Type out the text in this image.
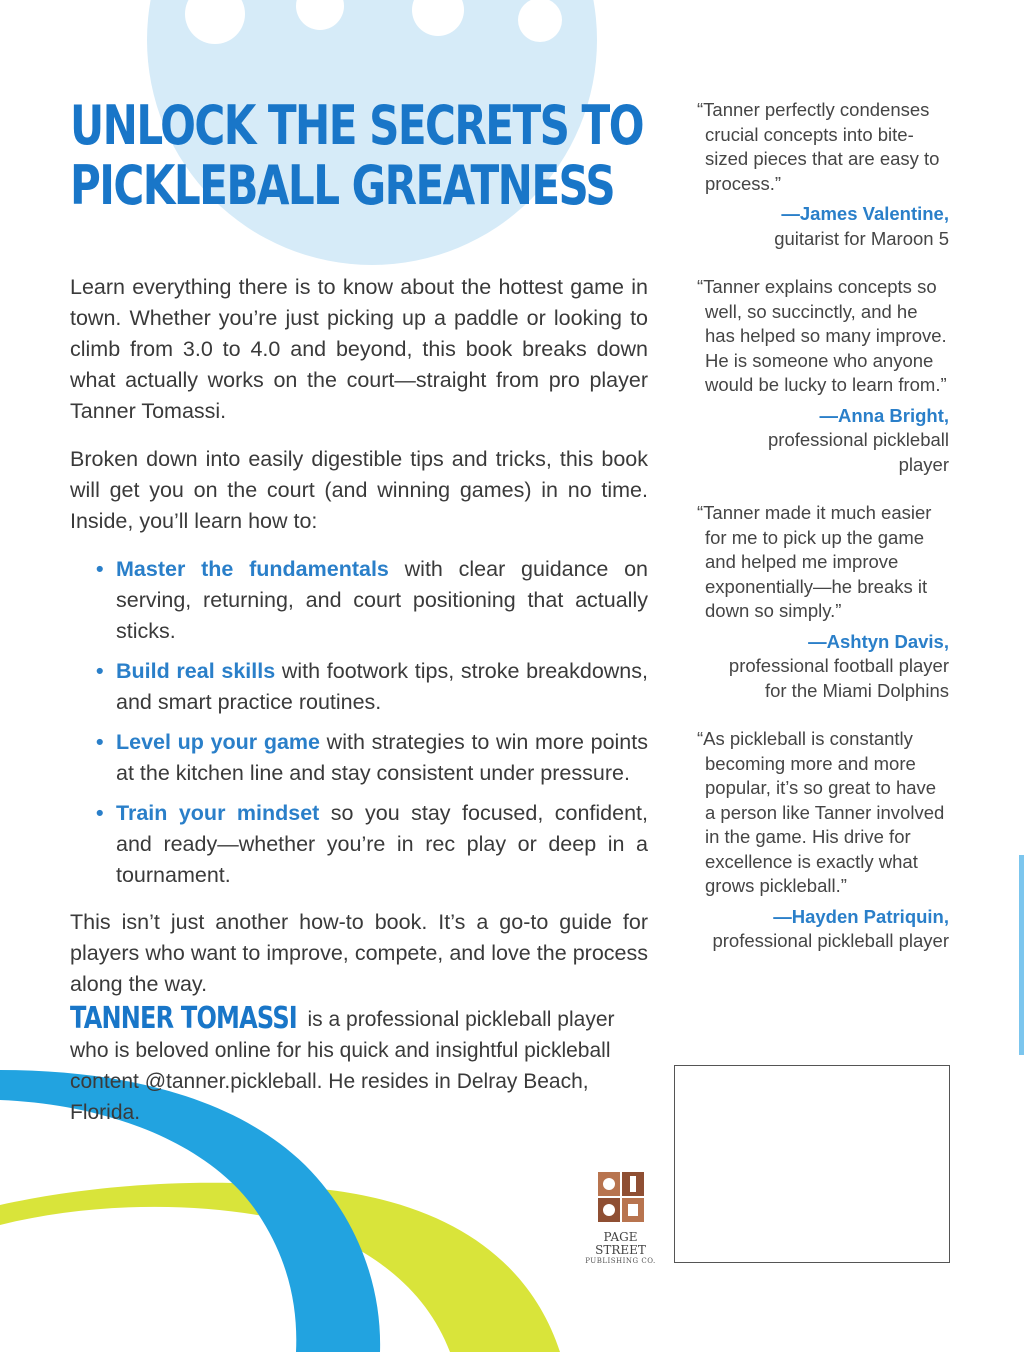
UNLOCK THE SECRETS TO
PICKLEBALL GREATNESS

Learn everything there is to know about the hottest game in town. Whether you’re just picking up a paddle or looking to climb from 3.0 to 4.0 and beyond, this book breaks down what actually works on the court—straight from pro player Tanner Tomassi.

Broken down into easily digestible tips and tricks, this book will get you on the court (and winning games) in no time. Inside, you’ll learn how to:

• Master the fundamentals with clear guidance on serving, returning, and court positioning that actually sticks.
• Build real skills with footwork tips, stroke breakdowns, and smart practice routines.
• Level up your game with strategies to win more points at the kitchen line and stay consistent under pressure.
• Train your mindset so you stay focused, confident, and ready—whether you’re in rec play or deep in a tournament.

This isn’t just another how-to book. It’s a go-to guide for players who want to improve, compete, and love the process along the way.

TANNER TOMASSI is a professional pickleball player who is beloved online for his quick and insightful pickleball content @tanner.pickleball. He resides in Delray Beach, Florida.

“Tanner perfectly condenses crucial concepts into bite-sized pieces that are easy to process.”

—James Valentine,
guitarist for Maroon 5

“Tanner explains concepts so well, so succinctly, and he has helped so many improve. He is someone who anyone would be lucky to learn from.”

—Anna Bright, professional pickleball player

“Tanner made it much easier for me to pick up the game and helped me improve exponentially—he breaks it down so simply.”

—Ashtyn Davis,
professional football player for the Miami Dolphins

“As pickleball is constantly becoming more and more popular, it’s so great to have a person like Tanner involved in the game. His drive for excellence is exactly what grows pickleball.”

—Hayden Patriquin,
professional pickleball player

PAGE STREET
PUBLISHING CO.
